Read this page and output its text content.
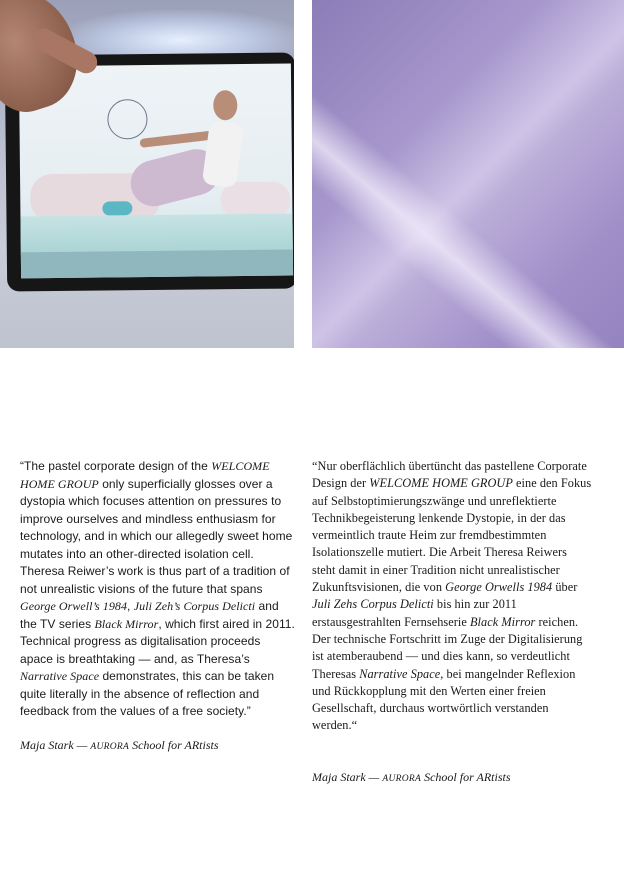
“The pastel corporate design of the WELCOME HOME GROUP only superficially glosses over a dystopia which focuses attention on pressures to improve ourselves and mindless enthusiasm for technology, and in which our allegedly sweet home mutates into an other-directed isolation cell. Theresa Reiwer’s work is thus part of a tradition of not unrealistic visions of the future that spans George Orwell’s 1984, Juli Zeh’s Corpus Delicti and the TV series Black Mirror, which first aired in 2011. Technical progress as digitalisation proceeds apace is breathtaking — and, as Theresa’s Narrative Space demonstrates, this can be taken quite literally in the absence of reflection and feedback from the values of a free society.”

Maja Stark — AURORA School for ARtists

“Nur oberflächlich übertüncht das pastellene Corporate Design der WELCOME HOME GROUP eine den Fokus auf Selbstoptimierungszwänge und unreflektierte Technikbegeisterung lenkende Dystopie, in der das vermeintlich traute Heim zur fremdbestimmten Isolationszelle mutiert. Die Arbeit Theresa Reiwers steht damit in einer Tradition nicht unrealistischer Zukunftsvisionen, die von George Orwells 1984 über Juli Zehs Corpus Delicti bis hin zur 2011 erstausgestrahlten Fernsehserie Black Mirror reichen. Der technische Fortschritt im Zuge der Digitalisierung ist atemberaubend — und dies kann, so verdeutlicht Theresas Narrative Space, bei mangelnder Reflexion und Rückkopplung mit den Werten einer freien Gesellschaft, durchaus wortwörtlich verstanden werden.“

Maja Stark — AURORA School for ARtists
